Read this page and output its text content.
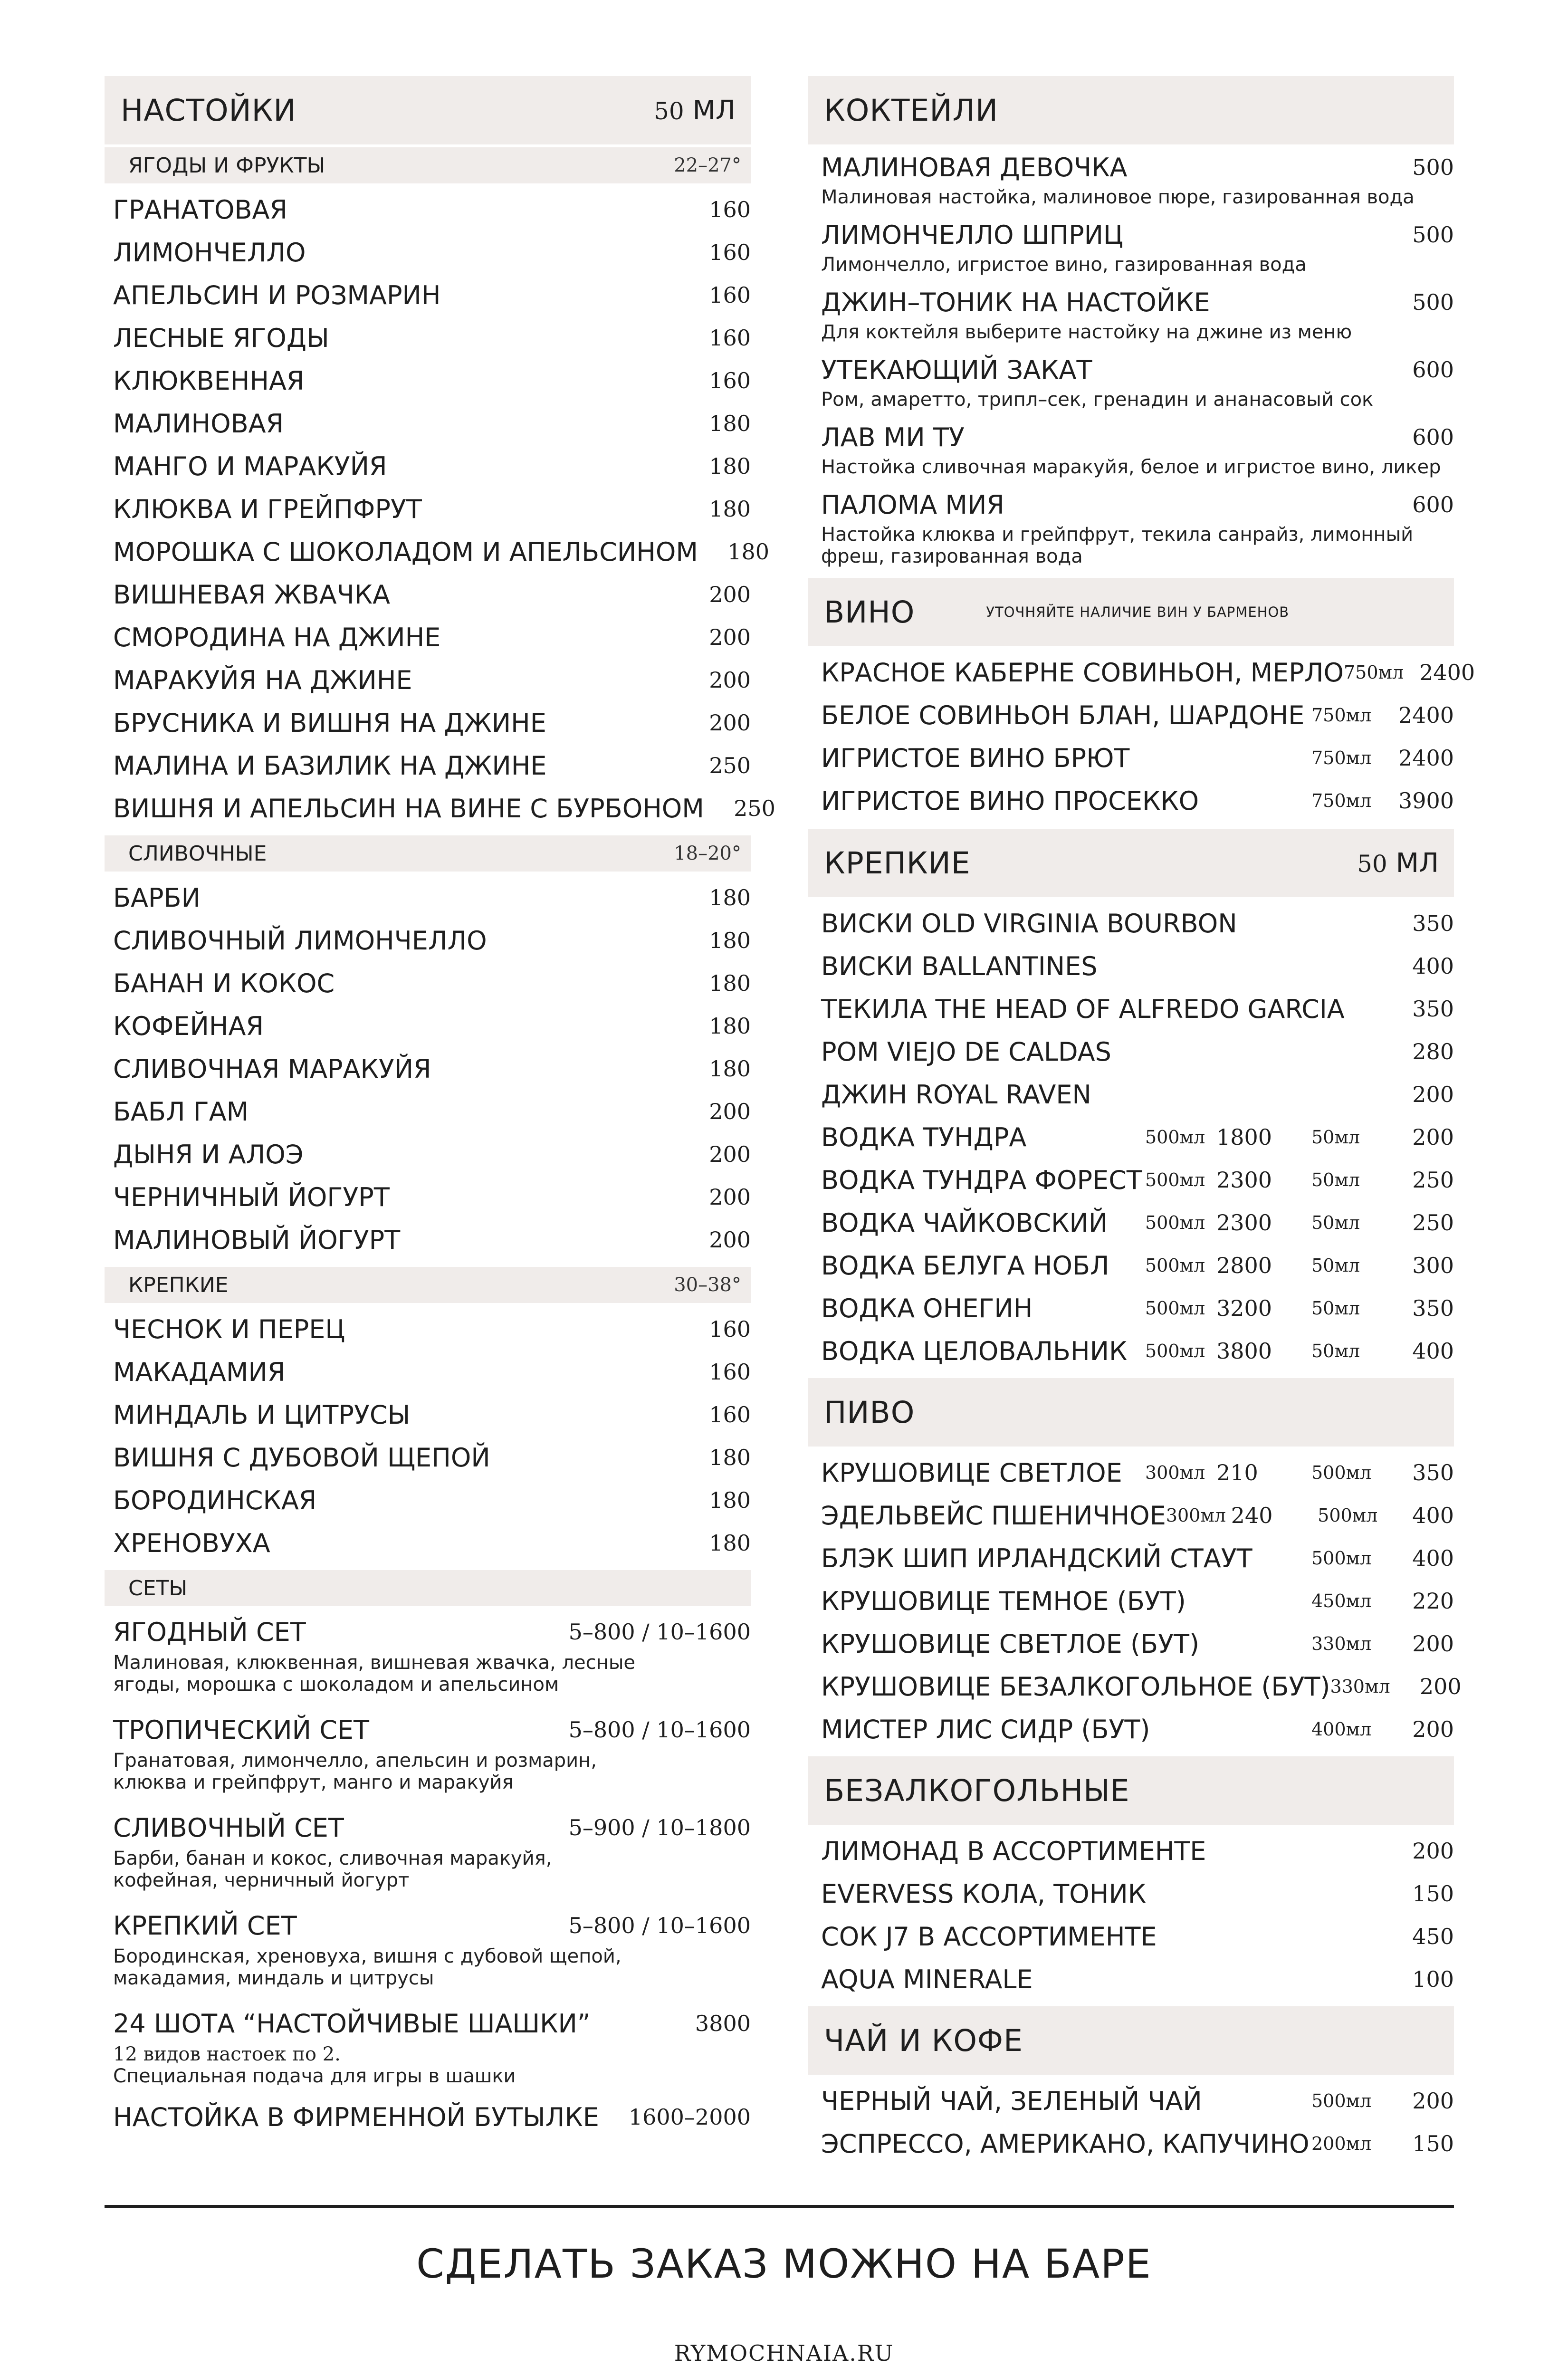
НАСТОЙКИ	50 МЛ
ЯГОДЫ И ФРУКТЫ	22–27°
ГРАНАТОВАЯ	160
ЛИМОНЧЕЛЛО	160
АПЕЛЬСИН И РОЗМАРИН	160
ЛЕСНЫЕ ЯГОДЫ	160
КЛЮКВЕННАЯ	160
МАЛИНОВАЯ	180
МАНГО И МАРАКУЙЯ	180
КЛЮКВА И ГРЕЙПФРУТ	180
МОРОШКА С ШОКОЛАДОМ И АПЕЛЬСИНОМ	180
ВИШНЕВАЯ ЖВАЧКА	200
СМОРОДИНА НА ДЖИНЕ	200
МАРАКУЙЯ НА ДЖИНЕ	200
БРУСНИКА И ВИШНЯ НА ДЖИНЕ	200
МАЛИНА И БАЗИЛИК НА ДЖИНЕ	250
ВИШНЯ И АПЕЛЬСИН НА ВИНЕ С БУРБОНОМ	250
СЛИВОЧНЫЕ	18–20°
БАРБИ	180
СЛИВОЧНЫЙ ЛИМОНЧЕЛЛО	180
БАНАН И КОКОС	180
КОФЕЙНАЯ	180
СЛИВОЧНАЯ МАРАКУЙЯ	180
БАБЛ ГАМ	200
ДЫНЯ И АЛОЭ	200
ЧЕРНИЧНЫЙ ЙОГУРТ	200
МАЛИНОВЫЙ ЙОГУРТ	200
КРЕПКИЕ	30–38°
ЧЕСНОК И ПЕРЕЦ	160
МАКАДАМИЯ	160
МИНДАЛЬ И ЦИТРУСЫ	160
ВИШНЯ С ДУБОВОЙ ЩЕПОЙ	180
БОРОДИНСКАЯ	180
ХРЕНОВУХА	180
СЕТЫ
ЯГОДНЫЙ СЕТ	5–800 / 10–1600
Малиновая, клюквенная, вишневая жвачка, лесные
ягоды, морошка с шоколадом и апельсином
ТРОПИЧЕСКИЙ СЕТ	5–800 / 10–1600
Гранатовая, лимончелло, апельсин и розмарин,
клюква и грейпфрут, манго и маракуйя
СЛИВОЧНЫЙ СЕТ	5–900 / 10–1800
Барби, банан и кокос, сливочная маракуйя,
кофейная, черничный йогурт
КРЕПКИЙ СЕТ	5–800 / 10–1600
Бородинская, хреновуха, вишня с дубовой щепой,
макадамия, миндаль и цитрусы
24 ШОТА “НАСТОЙЧИВЫЕ ШАШКИ”	3800
12 видов настоек по 2.
Специальная подача для игры в шашки
НАСТОЙКА В ФИРМЕННОЙ БУТЫЛКЕ	1600–2000
КОКТЕЙЛИ
МАЛИНОВАЯ ДЕВОЧКА	500
Малиновая настойка, малиновое пюре, газированная вода
ЛИМОНЧЕЛЛО ШПРИЦ	500
Лимончелло, игристое вино, газированная вода
ДЖИН–ТОНИК НА НАСТОЙКЕ	500
Для коктейля выберите настойку на джине из меню
УТЕКАЮЩИЙ ЗАКАТ	600
Ром, амаретто, трипл–сек, гренадин и ананасовый сок
ЛАВ МИ ТУ	600
Настойка сливочная маракуйя, белое и игристое вино, ликер
ПАЛОМА МИЯ	600
Настойка клюква и грейпфрут, текила санрайз, лимонный
фреш, газированная вода
ВИНО	УТОЧНЯЙТЕ НАЛИЧИЕ ВИН У БАРМЕНОВ
КРАСНОЕ КАБЕРНЕ СОВИНЬОН, МЕРЛО 750мл 2400
БЕЛОЕ СОВИНЬОН БЛАН, ШАРДОНЕ 750мл	2400
ИГРИСТОЕ ВИНО БРЮТ	750мл	2400
ИГРИСТОЕ ВИНО ПРОСЕККО	750мл	3900
КРЕПКИЕ	50 МЛ
ВИСКИ OLD VIRGINIA BOURBON	350
ВИСКИ BALLANTINES	400
ТЕКИЛА THE HEAD OF ALFREDO GARCIA	350
РОМ VIEJO DE CALDAS	280
ДЖИН ROYAL RAVEN	200
ВОДКА ТУНДРА	500мл 1800	50мл	200
ВОДКА ТУНДРА ФОРЕСТ 500мл 2300	50мл	250
ВОДКА ЧАЙКОВСКИЙ	500мл 2300	50мл	250
ВОДКА БЕЛУГА НОБЛ	500мл 2800	50мл	300
ВОДКА ОНЕГИН	500мл 3200	50мл	350
ВОДКА ЦЕЛОВАЛЬНИК 500мл 3800	50мл	400
ПИВО
КРУШОВИЦЕ СВЕТЛОЕ	300мл 210	500мл	350
ЭДЕЛЬВЕЙС ПШЕНИЧНОЕ 300мл 240	500мл	400
БЛЭК ШИП ИРЛАНДСКИЙ СТАУТ	500мл	400
КРУШОВИЦЕ ТЕМНОЕ (БУТ)	450мл	220
КРУШОВИЦЕ СВЕТЛОЕ (БУТ)	330мл	200
КРУШОВИЦЕ БЕЗАЛКОГОЛЬНОЕ (БУТ) 330мл	200
МИСТЕР ЛИС СИДР (БУТ)	400мл	200
БЕЗАЛКОГОЛЬНЫЕ
ЛИМОНАД В АССОРТИМЕНТЕ	200
EVERVESS КОЛА, ТОНИК	150
СОК J7 В АССОРТИМЕНТЕ	450
AQUA MINERALE	100
ЧАЙ И КОФЕ
ЧЕРНЫЙ ЧАЙ, ЗЕЛЕНЫЙ ЧАЙ	500мл	200
ЭСПРЕССО, АМЕРИКАНО, КАПУЧИНО 200мл	150
СДЕЛАТЬ ЗАКАЗ МОЖНО НА БАРЕ
RYMOCHNAIA.RU
